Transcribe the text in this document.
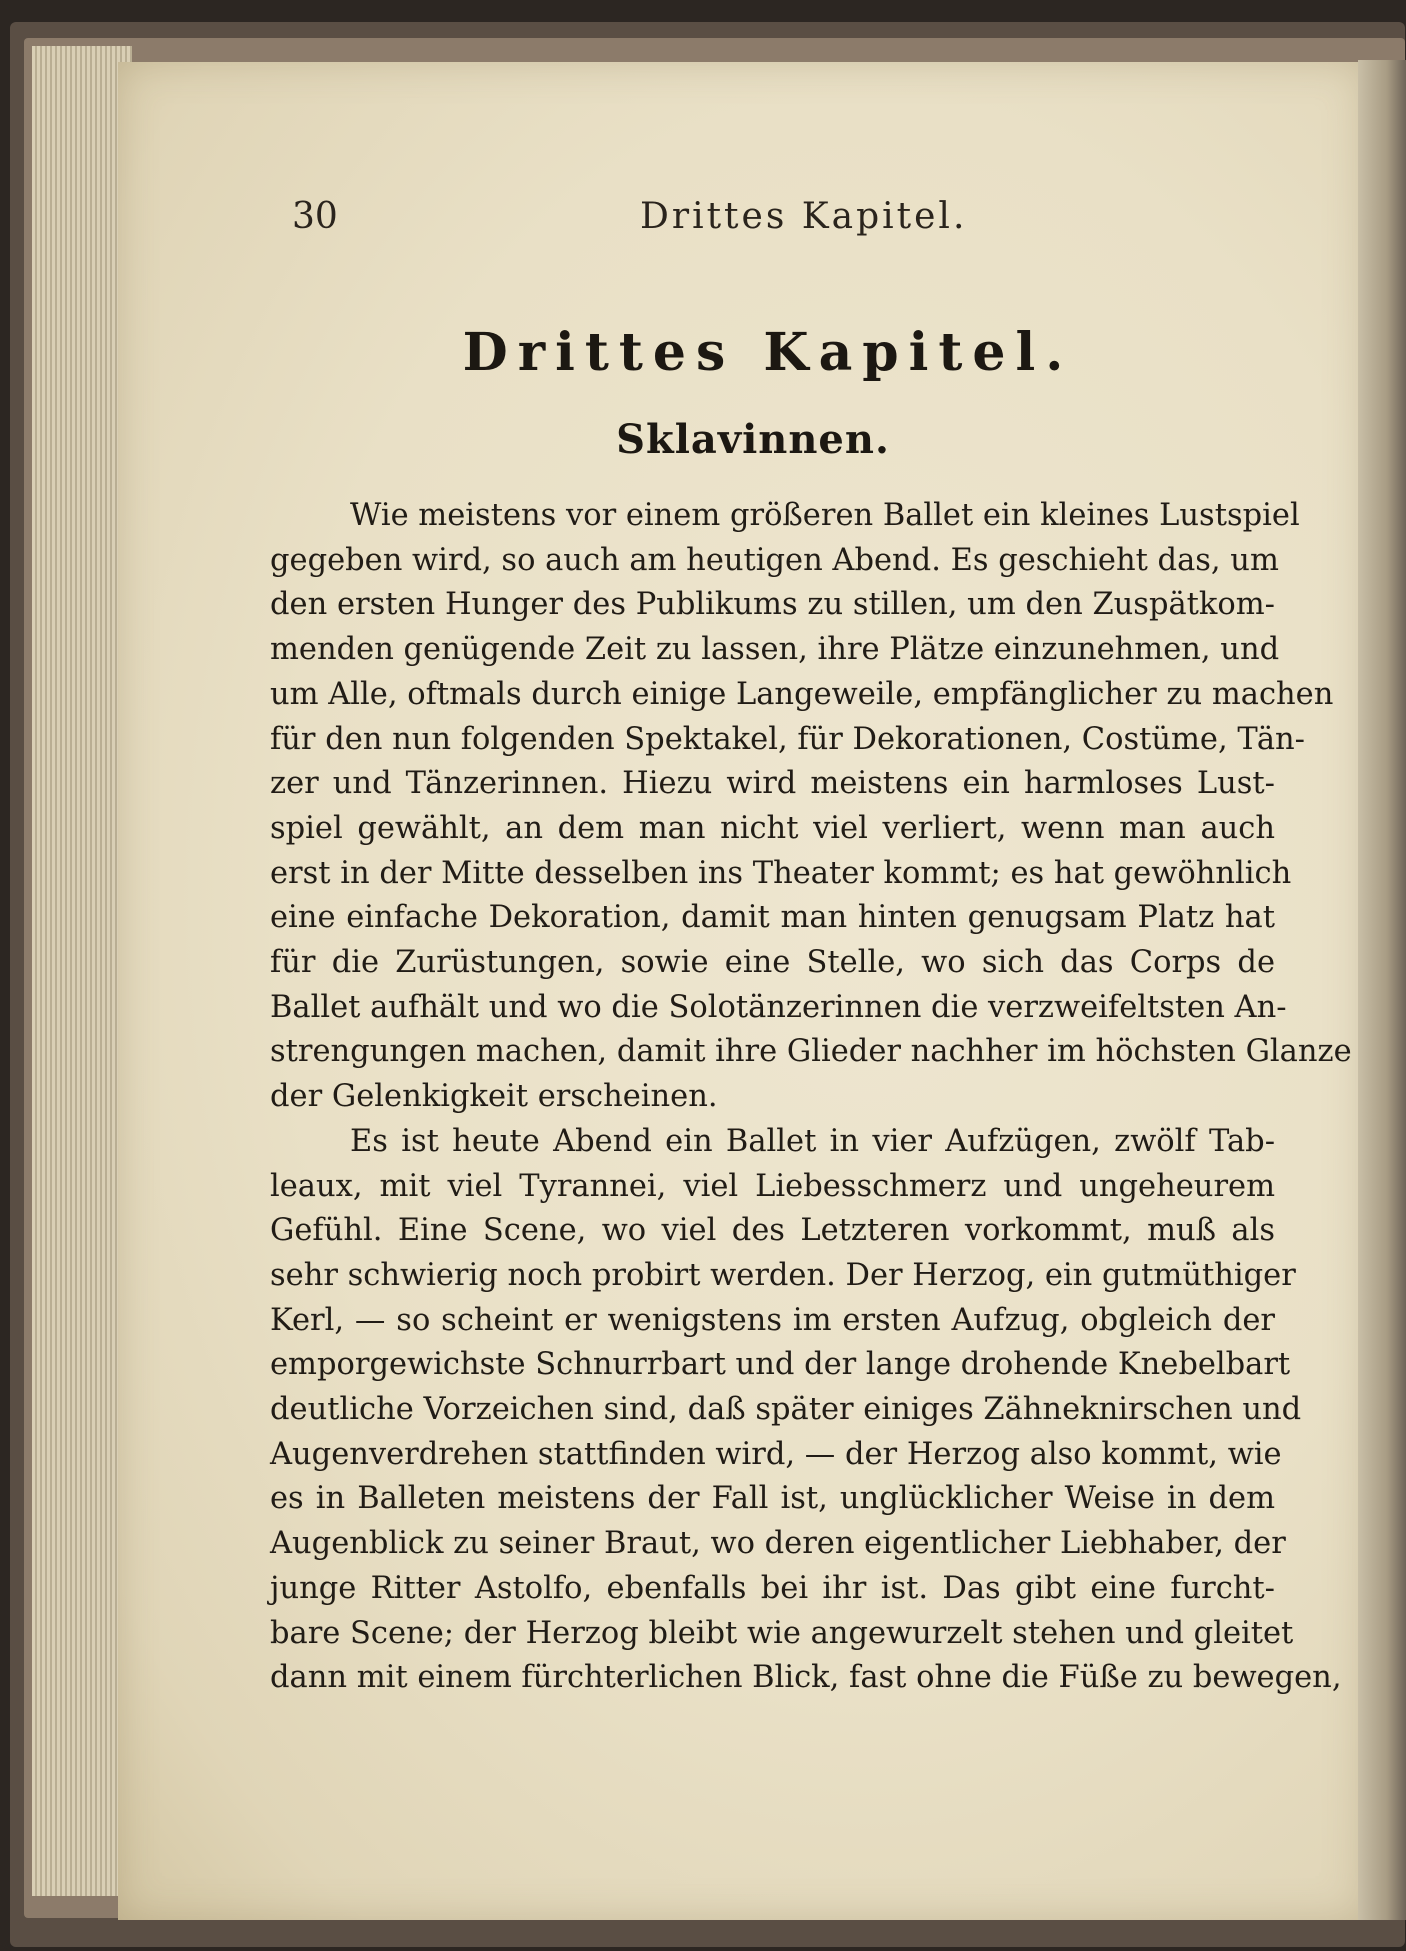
30	Drittes Kapitel.
Drittes Kapitel.
Sklavinnen.
Wie meistens vor einem größeren Ballet ein kleines Lustspiel
gegeben wird, so auch am heutigen Abend. Es geschieht das, um
den ersten Hunger des Publikums zu stillen, um den Zuspätkom-
menden genügende Zeit zu lassen, ihre Plätze einzunehmen, und
um Alle, oftmals durch einige Langeweile, empfänglicher zu machen
für den nun folgenden Spektakel, für Dekorationen, Costüme, Tän-
zer und Tänzerinnen. Hiezu wird meistens ein harmloses Lust-
spiel gewählt, an dem man nicht viel verliert, wenn man auch
erst in der Mitte desselben ins Theater kommt; es hat gewöhnlich
eine einfache Dekoration, damit man hinten genugsam Platz hat
für die Zurüstungen, sowie eine Stelle, wo sich das Corps de
Ballet aufhält und wo die Solotänzerinnen die verzweifeltsten An-
strengungen machen, damit ihre Glieder nachher im höchsten Glanze
der Gelenkigkeit erscheinen.
Es ist heute Abend ein Ballet in vier Aufzügen, zwölf Tab-
leaux, mit viel Tyrannei, viel Liebesschmerz und ungeheurem
Gefühl. Eine Scene, wo viel des Letzteren vorkommt, muß als
sehr schwierig noch probirt werden. Der Herzog, ein gutmüthiger
Kerl, — so scheint er wenigstens im ersten Aufzug, obgleich der
emporgewichste Schnurrbart und der lange drohende Knebelbart
deutliche Vorzeichen sind, daß später einiges Zähneknirschen und
Augenverdrehen stattfinden wird, — der Herzog also kommt, wie
es in Balleten meistens der Fall ist, unglücklicher Weise in dem
Augenblick zu seiner Braut, wo deren eigentlicher Liebhaber, der
junge Ritter Astolfo, ebenfalls bei ihr ist. Das gibt eine furcht-
bare Scene; der Herzog bleibt wie angewurzelt stehen und gleitet
dann mit einem fürchterlichen Blick, fast ohne die Füße zu bewegen,
